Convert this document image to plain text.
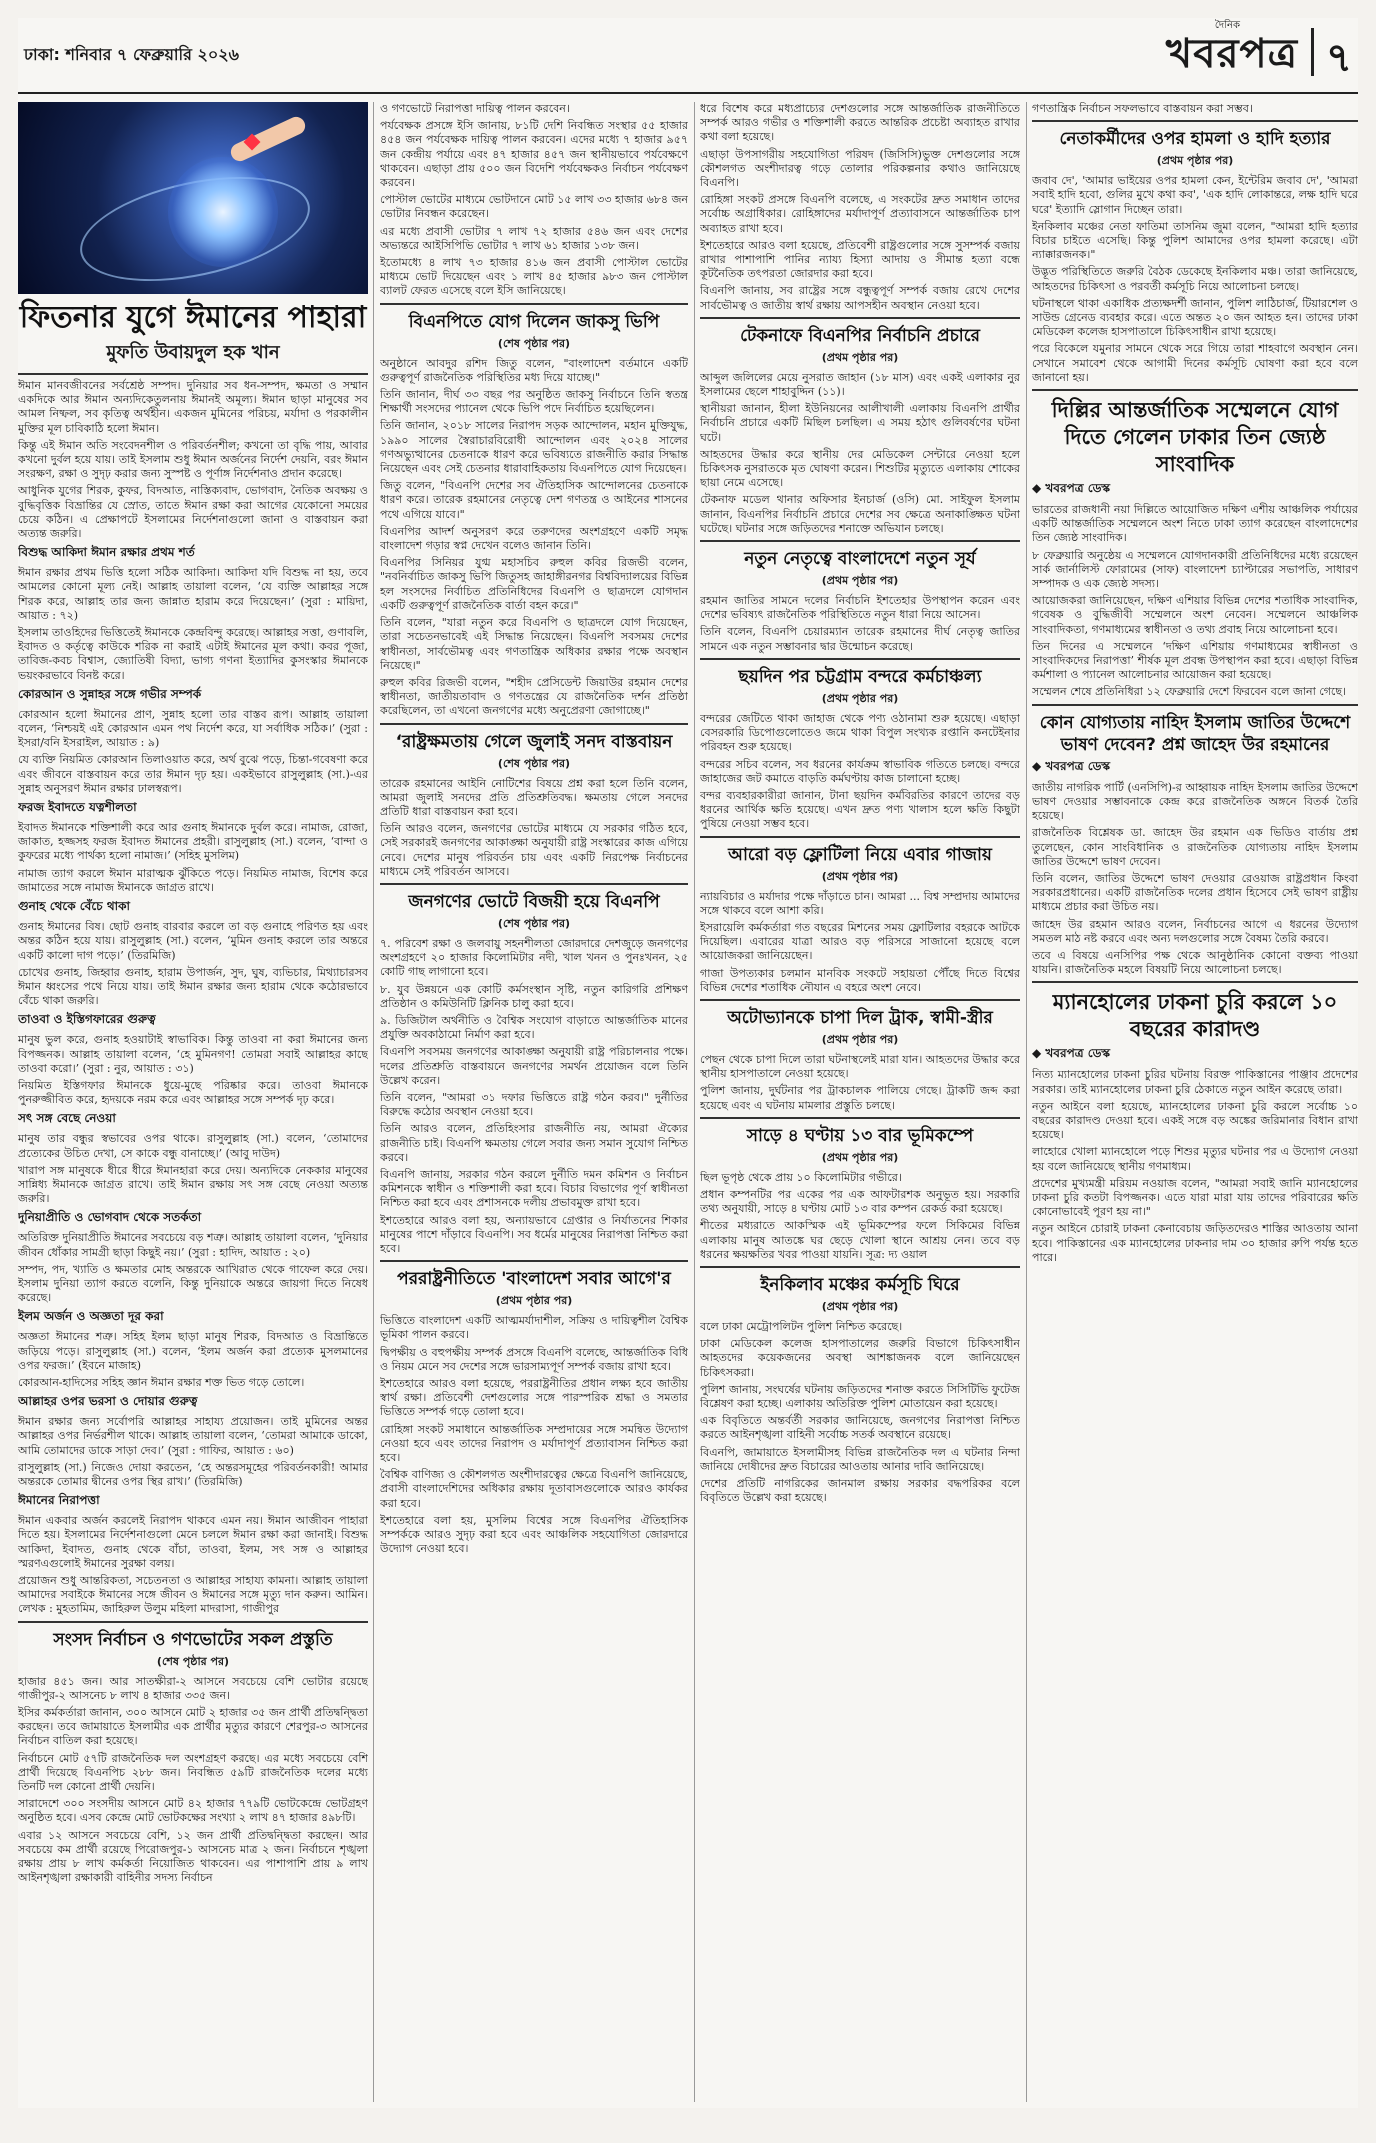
ঢাকা: শনিবার ৭ ফেব্রুয়ারি ২০২৬
দৈনিক
খবরপত্র ৭
ফিতনার যুগে ঈমানের পাহারা
মুফতি উবায়দুল হক খান

ঈমান মানবজীবনের সর্বশ্রেষ্ঠ সম্পদ। দুনিয়ার সব ধন-সম্পদ, ক্ষমতা ও সম্মান একদিকে আর ঈমান অন্যদিকেতুলনায় ঈমানই অমূল্য। ঈমান ছাড়া মানুষের সব আমল নিষ্ফল, সব কৃতিত্ব অর্থহীন। একজন মুমিনের পরিচয়, মর্যাদা ও পরকালীন মুক্তির মূল চাবিকাঠি হলো ঈমান।

কিন্তু এই ঈমান অতি সংবেদনশীল ও পরিবর্তনশীল; কখনো তা বৃদ্ধি পায়, আবার কখনো দুর্বল হয়ে যায়। তাই ইসলাম শুধু ঈমান অর্জনের নির্দেশ দেয়নি, বরং ঈমান সংরক্ষণ, রক্ষা ও সুদৃঢ় করার জন্য সুস্পষ্ট ও পূর্ণাঙ্গ নির্দেশনাও প্রদান করেছে।

আধুনিক যুগের শিরক, কুফর, বিদআত, নাস্তিক্যবাদ, ভোগবাদ, নৈতিক অবক্ষয় ও বুদ্ধিবৃত্তিক বিভ্রান্তির যে স্রোত, তাতে ঈমান রক্ষা করা আগের যেকোনো সময়ের চেয়ে কঠিন। এ প্রেক্ষাপটে ইসলামের নির্দেশনাগুলো জানা ও বাস্তবায়ন করা অত্যন্ত জরুরি।

বিশুদ্ধ আকিদা ঈমান রক্ষার প্রথম শর্ত

ঈমান রক্ষার প্রথম ভিত্তি হলো সঠিক আকিদা। আকিদা যদি বিশুদ্ধ না হয়, তবে আমলের কোনো মূল্য নেই। আল্লাহ তায়ালা বলেন, ‘যে ব্যক্তি আল্লাহর সঙ্গে শিরক করে, আল্লাহ তার জন্য জান্নাত হারাম করে দিয়েছেন।’ (সুরা : মায়িদা, আয়াত : ৭২)

ইসলাম তাওহিদের ভিত্তিতেই ঈমানকে কেন্দ্রবিন্দু করেছে। আল্লাহর সত্তা, গুণাবলি, ইবাদত ও কর্তৃত্বে কাউকে শরিক না করাই এটাই ঈমানের মূল কথা। কবর পূজা, তাবিজ-কবচ বিশ্বাস, জ্যোতিষী বিদ্যা, ভাগ্য গণনা ইত্যাদির কুসংস্কার ঈমানকে ভয়ংকরভাবে বিনষ্ট করে।

কোরআন ও সুন্নাহর সঙ্গে গভীর সম্পর্ক

কোরআন হলো ঈমানের প্রাণ, সুন্নাহ হলো তার বাস্তব রূপ। আল্লাহ তায়ালা বলেন, ‘নিশ্চয়ই এই কোরআন এমন পথ নির্দেশ করে, যা সর্বাধিক সঠিক।’ (সুরা : ইসরা/বনি ইসরাইল, আয়াত : ৯)

যে ব্যক্তি নিয়মিত কোরআন তিলাওয়াত করে, অর্থ বুঝে পড়ে, চিন্তা-গবেষণা করে এবং জীবনে বাস্তবায়ন করে তার ঈমান দৃঢ় হয়। একইভাবে রাসুলুল্লাহ (সা.)-এর সুন্নাহ অনুসরণ ঈমান রক্ষার ঢালস্বরূপ।

ফরজ ইবাদতে যত্নশীলতা

ইবাদত ঈমানকে শক্তিশালী করে আর গুনাহ ঈমানকে দুর্বল করে। নামাজ, রোজা, জাকাত, হজ্জসহ ফরজ ইবাদত ঈমানের প্রহরী। রাসুলুল্লাহ (সা.) বলেন, ‘বান্দা ও কুফরের মধ্যে পার্থক্য হলো নামাজ।’ (সহিহ মুসলিম)

নামাজ ত্যাগ করলে ঈমান মারাত্মক ঝুঁকিতে পড়ে। নিয়মিত নামাজ, বিশেষ করে জামাতের সঙ্গে নামাজ ঈমানকে জাগ্রত রাখে।

গুনাহ থেকে বেঁচে থাকা

গুনাহ ঈমানের বিষ। ছোট গুনাহ বারবার করলে তা বড় গুনাহে পরিণত হয় এবং অন্তর কঠিন হয়ে যায়। রাসুলুল্লাহ (সা.) বলেন, ‘মুমিন গুনাহ করলে তার অন্তরে একটি কালো দাগ পড়ে।’ (তিরমিজি)

চোখের গুনাহ, জিহ্বার গুনাহ, হারাম উপার্জন, সুদ, ঘুষ, ব্যভিচার, মিথ্যাচারসব ঈমান ধ্বংসের পথে নিয়ে যায়। তাই ঈমান রক্ষার জন্য হারাম থেকে কঠোরভাবে বেঁচে থাকা জরুরি।

তাওবা ও ইস্তিগফারের গুরুত্ব

মানুষ ভুল করে, গুনাহ হওয়াটাই স্বাভাবিক। কিন্তু তাওবা না করা ঈমানের জন্য বিপজ্জনক। আল্লাহ তায়ালা বলেন, ‘হে মুমিনগণ! তোমরা সবাই আল্লাহর কাছে তাওবা করো।’ (সুরা : নুর, আয়াত : ৩১)

নিয়মিত ইস্তিগফার ঈমানকে ধুয়ে-মুছে পরিষ্কার করে। তাওবা ঈমানকে পুনরুজ্জীবিত করে, হৃদয়কে নরম করে এবং আল্লাহর সঙ্গে সম্পর্ক দৃঢ় করে।

সৎ সঙ্গ বেছে নেওয়া

মানুষ তার বন্ধুর স্বভাবের ওপর থাকে। রাসুলুল্লাহ (সা.) বলেন, ‘তোমাদের প্রত্যেকের উচিত দেখা, সে কাকে বন্ধু বানাচ্ছে।’ (আবু দাউদ)

খারাপ সঙ্গ মানুষকে ধীরে ধীরে ঈমানহারা করে দেয়। অন্যদিকে নেককার মানুষের সান্নিধ্য ঈমানকে জাগ্রত রাখে। তাই ঈমান রক্ষায় সৎ সঙ্গ বেছে নেওয়া অত্যন্ত জরুরি।

দুনিয়াপ্রীতি ও ভোগবাদ থেকে সতর্কতা

অতিরিক্ত দুনিয়াপ্রীতি ঈমানের সবচেয়ে বড় শত্রু। আল্লাহ তায়ালা বলেন, ‘দুনিয়ার জীবন ধোঁকার সামগ্রী ছাড়া কিছুই নয়।’ (সুরা : হাদিদ, আয়াত : ২০)

সম্পদ, পদ, খ্যাতি ও ক্ষমতার মোহ অন্তরকে আখিরাত থেকে গাফেল করে দেয়। ইসলাম দুনিয়া ত্যাগ করতে বলেনি, কিন্তু দুনিয়াকে অন্তরে জায়গা দিতে নিষেধ করেছে।

ইলম অর্জন ও অজ্ঞতা দূর করা

অজ্ঞতা ঈমানের শত্রু। সহিহ ইলম ছাড়া মানুষ শিরক, বিদআত ও বিভ্রান্তিতে জড়িয়ে পড়ে। রাসুলুল্লাহ (সা.) বলেন, ‘ইলম অর্জন করা প্রত্যেক মুসলমানের ওপর ফরজ।’ (ইবনে মাজাহ)

কোরআন-হাদিসের সহিহ জ্ঞান ঈমান রক্ষার শক্ত ভিত গড়ে তোলে।

আল্লাহর ওপর ভরসা ও দোয়ার গুরুত্ব

ঈমান রক্ষার জন্য সর্বোপরি আল্লাহর সাহায্য প্রয়োজন। তাই মুমিনের অন্তর আল্লাহর ওপর নির্ভরশীল থাকে। আল্লাহ তায়ালা বলেন, ‘তোমরা আমাকে ডাকো, আমি তোমাদের ডাকে সাড়া দেব।’ (সুরা : গাফির, আয়াত : ৬০)

রাসুলুল্লাহ (সা.) নিজেও দোয়া করতেন, ‘হে অন্তরসমূহের পরিবর্তনকারী! আমার অন্তরকে তোমার দ্বীনের ওপর স্থির রাখ।’ (তিরমিজি)

ঈমানের নিরাপত্তা

ঈমান একবার অর্জন করলেই নিরাপদ থাকবে এমন নয়। ঈমান আজীবন পাহারা দিতে হয়। ইসলামের নির্দেশনাগুলো মেনে চললে ঈমান রক্ষা করা জানাই। বিশুদ্ধ আকিদা, ইবাদত, গুনাহ থেকে বাঁচা, তাওবা, ইলম, সৎ সঙ্গ ও আল্লাহর স্মরণএগুলোই ঈমানের সুরক্ষা বলয়।

প্রয়োজন শুধু আন্তরিকতা, সচেতনতা ও আল্লাহর সাহায্য কামনা। আল্লাহ তায়ালা আমাদের সবাইকে ঈমানের সঙ্গে জীবন ও ঈমানের সঙ্গে মৃত্যু দান করুন। আমিন। লেখক : মুহতামিম, জাহিরুল উলুম মহিলা মাদরাসা, গাজীপুর

সংসদ নির্বাচন ও গণভোটের সকল প্রস্তুতি
(শেষ পৃষ্ঠার পর)

হাজার ৪৫১ জন। আর সাতক্ষীরা-২ আসনে সবচেয়ে বেশি ভোটার রয়েছে গাজীপুর-২ আসনেচ ৮ লাখ ৪ হাজার ৩৩৫ জন।

ইসির কর্মকর্তারা জানান, ৩০০ আসনে মোট ২ হাজার ৩৫ জন প্রার্থী প্রতিদ্বন্দ্বিতা করছেন। তবে জামায়াতে ইসলামীর এক প্রার্থীর মৃত্যুর কারণে শেরপুর-৩ আসনের নির্বাচন বাতিল করা হয়েছে।

নির্বাচনে মোট ৫৭টি রাজনৈতিক দল অংশগ্রহণ করছে। এর মধ্যে সবচেয়ে বেশি প্রার্থী দিয়েছে বিএনপিচ ২৮৮ জন। নিবন্ধিত ৫৯টি রাজনৈতিক দলের মধ্যে তিনটি দল কোনো প্রার্থী দেয়নি।

সারাদেশে ৩০০ সংসদীয় আসনে মোট ৪২ হাজার ৭৭৯টি ভোটকেন্দ্রে ভোটগ্রহণ অনুষ্ঠিত হবে। এসব কেন্দ্রে মোট ভোটকক্ষের সংখ্যা ২ লাখ ৪৭ হাজার ৪৯৮টি।

এবার ১২ আসনে সবচেয়ে বেশি, ১২ জন প্রার্থী প্রতিদ্বন্দ্বিতা করছেন। আর সবচেয়ে কম প্রার্থী রয়েছে পিরোজপুর-১ আসনেচ মাত্র ২ জন। নির্বাচনে শৃঙ্খলা রক্ষায় প্রায় ৮ লাখ কর্মকর্তা নিয়োজিত থাকবেন। এর পাশাপাশি প্রায় ৯ লাখ আইনশৃঙ্খলা রক্ষাকারী বাহিনীর সদস্য নির্বাচন

ও গণভোটে নিরাপত্তা দায়িত্ব পালন করবেন।

পর্যবেক্ষক প্রসঙ্গে ইসি জানায়, ৮১টি দেশি নিবন্ধিত সংস্থার ৫৫ হাজার ৪৫৪ জন পর্যবেক্ষক দায়িত্ব পালন করবেন। এদের মধ্যে ৭ হাজার ৯৫৭ জন কেন্দ্রীয় পর্যায়ে এবং ৪৭ হাজার ৪৫৭ জন স্থানীয়ভাবে পর্যবেক্ষণে থাকবেন। এছাড়া প্রায় ৫০০ জন বিদেশি পর্যবেক্ষকও নির্বাচন পর্যবেক্ষণ করবেন।

পোস্টাল ভোটের মাধ্যমে ভোটদানে মোট ১৫ লাখ ৩৩ হাজার ৬৮৪ জন ভোটার নিবন্ধন করেছেন।

এর মধ্যে প্রবাসী ভোটার ৭ লাখ ৭২ হাজার ৫৪৬ জন এবং দেশের অভ্যন্তরে আইসিপিভি ভোটার ৭ লাখ ৬১ হাজার ১৩৮ জন।

ইতোমধ্যে ৪ লাখ ৭৩ হাজার ৪১৬ জন প্রবাসী পোস্টাল ভোটের মাধ্যমে ভোট দিয়েছেন এবং ১ লাখ ৪৫ হাজার ৯৮৩ জন পোস্টাল ব্যালট ফেরত এসেছে বলে ইসি জানিয়েছে।

বিএনপিতে যোগ দিলেন জাকসু ভিপি
(শেষ পৃষ্ঠার পর)

অনুষ্ঠানে আবদুর রশিদ জিতু বলেন, "বাংলাদেশ বর্তমানে একটি গুরুত্বপূর্ণ রাজনৈতিক পরিস্থিতির মধ্য দিয়ে যাচ্ছে।"

তিনি জানান, দীর্ঘ ৩৩ বছর পর অনুষ্ঠিত জাকসু নির্বাচনে তিনি স্বতন্ত্র শিক্ষার্থী সংসদের প্যানেল থেকে ভিপি পদে নির্বাচিত হয়েছিলেন।

তিনি জানান, ২০১৮ সালের নিরাপদ সড়ক আন্দোলন, মহান মুক্তিযুদ্ধ, ১৯৯০ সালের স্বৈরাচারবিরোধী আন্দোলন এবং ২০২৪ সালের গণঅভ্যুত্থানের চেতনাকে ধারণ করে ভবিষ্যতে রাজনীতি করার সিদ্ধান্ত নিয়েছেন এবং সেই চেতনার ধারাবাহিকতায় বিএনপিতে যোগ দিয়েছেন।

জিতু বলেন, "বিএনপি দেশের সব ঐতিহাসিক আন্দোলনের চেতনাকে ধারণ করে। তারেক রহমানের নেতৃত্বে দেশ গণতন্ত্র ও আইনের শাসনের পথে এগিয়ে যাবে।"

বিএনপির আদর্শ অনুসরণ করে তরুণদের অংশগ্রহণে একটি সমৃদ্ধ বাংলাদেশ গড়ার স্বপ্ন দেখেন বলেও জানান তিনি।

বিএনপির সিনিয়র যুগ্ম মহাসচিব রুহুল কবির রিজভী বলেন, "নবনির্বাচিত জাকসু ভিপি জিতুসহ জাহাঙ্গীরনগর বিশ্ববিদ্যালয়ের বিভিন্ন হল সংসদের নির্বাচিত প্রতিনিধিদের বিএনপি ও ছাত্রদলে যোগদান একটি গুরুত্বপূর্ণ রাজনৈতিক বার্তা বহন করে।"

তিনি বলেন, "যারা নতুন করে বিএনপি ও ছাত্রদলে যোগ দিয়েছেন, তারা সচেতনভাবেই এই সিদ্ধান্ত নিয়েছেন। বিএনপি সবসময় দেশের স্বাধীনতা, সার্বভৌমত্ব এবং গণতান্ত্রিক অধিকার রক্ষার পক্ষে অবস্থান নিয়েছে।"

রুহুল কবির রিজভী বলেন, "শহীদ প্রেসিডেন্ট জিয়াউর রহমান দেশের স্বাধীনতা, জাতীয়তাবাদ ও গণতন্ত্রের যে রাজনৈতিক দর্শন প্রতিষ্ঠা করেছিলেন, তা এখনো জনগণের মধ্যে অনুপ্রেরণা জোগাচ্ছে।"

‘রাষ্ট্রক্ষমতায় গেলে জুলাই সনদ বাস্তবায়ন
(শেষ পৃষ্ঠার পর)

তারেক রহমানের আইনি নোটিশের বিষয়ে প্রশ্ন করা হলে তিনি বলেন, আমরা জুলাই সনদের প্রতি প্রতিশ্রুতিবদ্ধ। ক্ষমতায় গেলে সনদের প্রতিটি ধারা বাস্তবায়ন করা হবে।

তিনি আরও বলেন, জনগণের ভোটের মাধ্যমে যে সরকার গঠিত হবে, সেই সরকারই জনগণের আকাঙ্ক্ষা অনুযায়ী রাষ্ট্র সংস্কারের কাজ এগিয়ে নেবে। দেশের মানুষ পরিবর্তন চায় এবং একটি নিরপেক্ষ নির্বাচনের মাধ্যমে সেই পরিবর্তন আসবে।

জনগণের ভোটে বিজয়ী হয়ে বিএনপি
(শেষ পৃষ্ঠার পর)

৭. পরিবেশ রক্ষা ও জলবায়ু সহনশীলতা জোরদারে দেশজুড়ে জনগণের অংশগ্রহণে ২০ হাজার কিলোমিটার নদী, খাল খনন ও পুনঃখনন, ২৫ কোটি গাছ লাগানো হবে।

৮. যুব উন্নয়নে এক কোটি কর্মসংস্থান সৃষ্টি, নতুন কারিগরি প্রশিক্ষণ প্রতিষ্ঠান ও কমিউনিটি ক্লিনিক চালু করা হবে।

৯. ডিজিটাল অর্থনীতি ও বৈশ্বিক সংযোগ বাড়াতে আন্তর্জাতিক মানের প্রযুক্তি অবকাঠামো নির্মাণ করা হবে।

বিএনপি সবসময় জনগণের আকাঙ্ক্ষা অনুযায়ী রাষ্ট্র পরিচালনার পক্ষে। দলের প্রতিশ্রুতি বাস্তবায়নে জনগণের সমর্থন প্রয়োজন বলে তিনি উল্লেখ করেন।

তিনি বলেন, "আমরা ৩১ দফার ভিত্তিতে রাষ্ট্র গঠন করব।" দুর্নীতির বিরুদ্ধে কঠোর অবস্থান নেওয়া হবে।

তিনি আরও বলেন, প্রতিহিংসার রাজনীতি নয়, আমরা ঐক্যের রাজনীতি চাই। বিএনপি ক্ষমতায় গেলে সবার জন্য সমান সুযোগ নিশ্চিত করবে।

বিএনপি জানায়, সরকার গঠন করলে দুর্নীতি দমন কমিশন ও নির্বাচন কমিশনকে স্বাধীন ও শক্তিশালী করা হবে। বিচার বিভাগের পূর্ণ স্বাধীনতা নিশ্চিত করা হবে এবং প্রশাসনকে দলীয় প্রভাবমুক্ত রাখা হবে।

ইশতেহারে আরও বলা হয়, অন্যায়ভাবে গ্রেপ্তার ও নির্যাতনের শিকার মানুষের পাশে দাঁড়াবে বিএনপি। সব ধর্মের মানুষের নিরাপত্তা নিশ্চিত করা হবে।

পররাষ্ট্রনীতিতে 'বাংলাদেশ সবার আগে'র
(প্রথম পৃষ্ঠার পর)

ভিত্তিতে বাংলাদেশ একটি আত্মমর্যাদাশীল, সক্রিয় ও দায়িত্বশীল বৈশ্বিক ভূমিকা পালন করবে।

দ্বিপক্ষীয় ও বহুপক্ষীয় সম্পর্ক প্রসঙ্গে বিএনপি বলেছে, আন্তর্জাতিক বিধি ও নিয়ম মেনে সব দেশের সঙ্গে ভারসাম্যপূর্ণ সম্পর্ক বজায় রাখা হবে।

ইশতেহারে আরও বলা হয়েছে, পররাষ্ট্রনীতির প্রধান লক্ষ্য হবে জাতীয় স্বার্থ রক্ষা। প্রতিবেশী দেশগুলোর সঙ্গে পারস্পরিক শ্রদ্ধা ও সমতার ভিত্তিতে সম্পর্ক গড়ে তোলা হবে।

রোহিঙ্গা সংকট সমাধানে আন্তর্জাতিক সম্প্রদায়ের সঙ্গে সমন্বিত উদ্যোগ নেওয়া হবে এবং তাদের নিরাপদ ও মর্যাদাপূর্ণ প্রত্যাবাসন নিশ্চিত করা হবে।

বৈশ্বিক বাণিজ্য ও কৌশলগত অংশীদারত্বের ক্ষেত্রে বিএনপি জানিয়েছে, প্রবাসী বাংলাদেশিদের অধিকার রক্ষায় দূতাবাসগুলোকে আরও কার্যকর করা হবে।

ইশতেহারে বলা হয়, মুসলিম বিশ্বের সঙ্গে বিএনপির ঐতিহাসিক সম্পর্ককে আরও সুদৃঢ় করা হবে এবং আঞ্চলিক সহযোগিতা জোরদারে উদ্যোগ নেওয়া হবে।

ধরে বিশেষ করে মধ্যপ্রাচ্যের দেশগুলোর সঙ্গে আন্তর্জাতিক রাজনীতিতে সম্পর্ক আরও গভীর ও শক্তিশালী করতে আন্তরিক প্রচেষ্টা অব্যাহত রাখার কথা বলা হয়েছে।

এছাড়া উপসাগরীয় সহযোগিতা পরিষদ (জিসিসি)ভুক্ত দেশগুলোর সঙ্গে কৌশলগত অংশীদারত্ব গড়ে তোলার পরিকল্পনার কথাও জানিয়েছে বিএনপি।

রোহিঙ্গা সংকট প্রসঙ্গে বিএনপি বলেছে, এ সংকটের দ্রুত সমাধান তাদের সর্বোচ্চ অগ্রাধিকার। রোহিঙ্গাদের মর্যাদাপূর্ণ প্রত্যাবাসনে আন্তর্জাতিক চাপ অব্যাহত রাখা হবে।

ইশতেহারে আরও বলা হয়েছে, প্রতিবেশী রাষ্ট্রগুলোর সঙ্গে সুসম্পর্ক বজায় রাখার পাশাপাশি পানির ন্যায্য হিস্যা আদায় ও সীমান্ত হত্যা বন্ধে কূটনৈতিক তৎপরতা জোরদার করা হবে।

বিএনপি জানায়, সব রাষ্ট্রের সঙ্গে বন্ধুত্বপূর্ণ সম্পর্ক বজায় রেখে দেশের সার্বভৌমত্ব ও জাতীয় স্বার্থ রক্ষায় আপসহীন অবস্থান নেওয়া হবে।

টেকনাফে বিএনপির নির্বাচনি প্রচারে
(প্রথম পৃষ্ঠার পর)

আব্দুল জলিলের মেয়ে নুসরাত জাহান (১৮ মাস) এবং একই এলাকার নুর ইসলামের ছেলে শাহাবুদ্দিন (১১)।

স্থানীয়রা জানান, হীলা ইউনিয়নের আলীখালী এলাকায় বিএনপি প্রার্থীর নির্বাচনি প্রচারে একটি মিছিল চলছিল। এ সময় হঠাৎ গুলিবর্ষণের ঘটনা ঘটে।

আহতদের উদ্ধার করে স্থানীয় দের মেডিকেল সেন্টারে নেওয়া হলে চিকিৎসক নুসরাতকে মৃত ঘোষণা করেন। শিশুটির মৃত্যুতে এলাকায় শোকের ছায়া নেমে এসেছে।

টেকনাফ মডেল থানার অফিসার ইনচার্জ (ওসি) মো. সাইফুল ইসলাম জানান, বিএনপির নির্বাচনি প্রচারে দেশের সব ক্ষেত্রে অনাকাঙ্ক্ষিত ঘটনা ঘটেছে। ঘটনার সঙ্গে জড়িতদের শনাক্তে অভিযান চলছে।

নতুন নেতৃত্বে বাংলাদেশে নতুন সূর্য
(প্রথম পৃষ্ঠার পর)

রহমান জাতির সামনে দলের নির্বাচনি ইশতেহার উপস্থাপন করেন এবং দেশের ভবিষ্যৎ রাজনৈতিক পরিস্থিতিতে নতুন ধারা নিয়ে আসেন।

তিনি বলেন, বিএনপি চেয়ারম্যান তারেক রহমানের দীর্ঘ নেতৃত্ব জাতির সামনে এক নতুন সম্ভাবনার দ্বার উন্মোচন করেছে।

ছয়দিন পর চট্টগ্রাম বন্দরে কর্মচাঞ্চল্য
(প্রথম পৃষ্ঠার পর)

বন্দরের জেটিতে থাকা জাহাজ থেকে পণ্য ওঠানামা শুরু হয়েছে। এছাড়া বেসরকারি ডিপোগুলোতেও জমে থাকা বিপুল সংখ্যক রপ্তানি কনটেইনার পরিবহন শুরু হয়েছে।

বন্দরের সচিব বলেন, সব ধরনের কার্যক্রম স্বাভাবিক গতিতে চলছে। বন্দরে জাহাজের জট কমাতে বাড়তি কর্মঘণ্টায় কাজ চালানো হচ্ছে।

বন্দর ব্যবহারকারীরা জানান, টানা ছয়দিন কর্মবিরতির কারণে তাদের বড় ধরনের আর্থিক ক্ষতি হয়েছে। এখন দ্রুত পণ্য খালাস হলে ক্ষতি কিছুটা পুষিয়ে নেওয়া সম্ভব হবে।

আরো বড় ফ্লোটিলা নিয়ে এবার গাজায়
(প্রথম পৃষ্ঠার পর)

ন্যায়বিচার ও মর্যাদার পক্ষে দাঁড়াতে চান। আমরা ... বিশ্ব সম্প্রদায় আমাদের সঙ্গে থাকবে বলে আশা করি।

ইসরায়েলি কর্মকর্তারা গত বছরের মিশনের সময় ফ্লোটিলার বহরকে আটকে দিয়েছিল। এবারের যাত্রা আরও বড় পরিসরে সাজানো হয়েছে বলে আয়োজকরা জানিয়েছেন।

গাজা উপত্যকার চলমান মানবিক সংকটে সহায়তা পৌঁছে দিতে বিশ্বের বিভিন্ন দেশের শতাধিক নৌযান এ বহরে অংশ নেবে।

অটোভ্যানকে চাপা দিল ট্রাক, স্বামী-স্ত্রীর
(প্রথম পৃষ্ঠার পর)

পেছন থেকে চাপা দিলে তারা ঘটনাস্থলেই মারা যান। আহতদের উদ্ধার করে স্থানীয় হাসপাতালে নেওয়া হয়েছে।

পুলিশ জানায়, দুর্ঘটনার পর ট্রাকচালক পালিয়ে গেছে। ট্রাকটি জব্দ করা হয়েছে এবং এ ঘটনায় মামলার প্রস্তুতি চলছে।

সাড়ে ৪ ঘণ্টায় ১৩ বার ভূমিকম্পে
(প্রথম পৃষ্ঠার পর)

ছিল ভূপৃষ্ঠ থেকে প্রায় ১০ কিলোমিটার গভীরে।

প্রধান কম্পনটির পর একের পর এক আফটারশক অনুভূত হয়। সরকারি তথ্য অনুযায়ী, সাড়ে ৪ ঘণ্টায় মোট ১৩ বার কম্পন রেকর্ড করা হয়েছে।

শীতের মধ্যরাতে আকস্মিক এই ভূমিকম্পের ফলে সিকিমের বিভিন্ন এলাকায় মানুষ আতঙ্কে ঘর ছেড়ে খোলা স্থানে আশ্রয় নেন। তবে বড় ধরনের ক্ষয়ক্ষতির খবর পাওয়া যায়নি। সূত্র: দ্য ওয়াল

ইনকিলাব মঞ্চের কর্মসূচি ঘিরে
(প্রথম পৃষ্ঠার পর)

বলে ঢাকা মেট্রোপলিটন পুলিশ নিশ্চিত করেছে।

ঢাকা মেডিকেল কলেজ হাসপাতালের জরুরি বিভাগে চিকিৎসাধীন আহতদের কয়েকজনের অবস্থা আশঙ্কাজনক বলে জানিয়েছেন চিকিৎসকরা।

পুলিশ জানায়, সংঘর্ষের ঘটনায় জড়িতদের শনাক্ত করতে সিসিটিভি ফুটেজ বিশ্লেষণ করা হচ্ছে। এলাকায় অতিরিক্ত পুলিশ মোতায়েন করা হয়েছে।

এক বিবৃতিতে অন্তর্বর্তী সরকার জানিয়েছে, জনগণের নিরাপত্তা নিশ্চিত করতে আইনশৃঙ্খলা বাহিনী সর্বোচ্চ সতর্ক অবস্থানে রয়েছে।

বিএনপি, জামায়াতে ইসলামীসহ বিভিন্ন রাজনৈতিক দল এ ঘটনার নিন্দা জানিয়ে দোষীদের দ্রুত বিচারের আওতায় আনার দাবি জানিয়েছে।

দেশের প্রতিটি নাগরিকের জানমাল রক্ষায় সরকার বদ্ধপরিকর বলে বিবৃতিতে উল্লেখ করা হয়েছে।

গণতান্ত্রিক নির্বাচন সফলভাবে বাস্তবায়ন করা সম্ভব।

নেতাকর্মীদের ওপর হামলা ও হাদি হত্যার
(প্রথম পৃষ্ঠার পর)

জবাব দে', 'আমার ভাইয়ের ওপর হামলা কেন, ইন্টেরিম জবাব দে', 'আমরা সবাই হাদি হবো, গুলির মুখে কথা কব', 'এক হাদি লোকান্তরে, লক্ষ হাদি ঘরে ঘরে' ইত্যাদি স্লোগান দিচ্ছেন তারা।

ইনকিলাব মঞ্চের নেতা ফাতিমা তাসনিম জুমা বলেন, "আমরা হাদি হত্যার বিচার চাইতে এসেছি। কিন্তু পুলিশ আমাদের ওপর হামলা করেছে। এটা ন্যাক্কারজনক।"

উদ্ভূত পরিস্থিতিতে জরুরি বৈঠক ডেকেছে ইনকিলাব মঞ্চ। তারা জানিয়েছে, আহতদের চিকিৎসা ও পরবর্তী কর্মসূচি নিয়ে আলোচনা চলছে।

ঘটনাস্থলে থাকা একাধিক প্রত্যক্ষদর্শী জানান, পুলিশ লাঠিচার্জ, টিয়ারশেল ও সাউন্ড গ্রেনেড ব্যবহার করে। এতে অন্তত ২০ জন আহত হন। তাদের ঢাকা মেডিকেল কলেজ হাসপাতালে চিকিৎসাধীন রাখা হয়েছে।

পরে বিকেলে যমুনার সামনে থেকে সরে গিয়ে তারা শাহবাগে অবস্থান নেন। সেখানে সমাবেশ থেকে আগামী দিনের কর্মসূচি ঘোষণা করা হবে বলে জানানো হয়।

দিল্লির আন্তর্জাতিক সম্মেলনে যোগ দিতে গেলেন ঢাকার তিন জ্যেষ্ঠ সাংবাদিক
◆ খবরপত্র ডেস্ক

ভারতের রাজধানী নয়া দিল্লিতে আয়োজিত দক্ষিণ এশীয় আঞ্চলিক পর্যায়ের একটি আন্তর্জাতিক সম্মেলনে অংশ নিতে ঢাকা ত্যাগ করেছেন বাংলাদেশের তিন জ্যেষ্ঠ সাংবাদিক।

৮ ফেব্রুয়ারি অনুষ্ঠেয় এ সম্মেলনে যোগদানকারী প্রতিনিধিদের মধ্যে রয়েছেন সার্ক জার্নালিস্ট ফোরামের (সাফ) বাংলাদেশ চ্যাপ্টারের সভাপতি, সাধারণ সম্পাদক ও এক জ্যেষ্ঠ সদস্য।

আয়োজকরা জানিয়েছেন, দক্ষিণ এশিয়ার বিভিন্ন দেশের শতাধিক সাংবাদিক, গবেষক ও বুদ্ধিজীবী সম্মেলনে অংশ নেবেন। সম্মেলনে আঞ্চলিক সাংবাদিকতা, গণমাধ্যমের স্বাধীনতা ও তথ্য প্রবাহ নিয়ে আলোচনা হবে।

তিন দিনের এ সম্মেলনে ‘দক্ষিণ এশিয়ায় গণমাধ্যমের স্বাধীনতা ও সাংবাদিকদের নিরাপত্তা’ শীর্ষক মূল প্রবন্ধ উপস্থাপন করা হবে। এছাড়া বিভিন্ন কর্মশালা ও প্যানেল আলোচনার আয়োজন করা হয়েছে।

সম্মেলন শেষে প্রতিনিধিরা ১২ ফেব্রুয়ারি দেশে ফিরবেন বলে জানা গেছে।

কোন যোগ্যতায় নাহিদ ইসলাম জাতির উদ্দেশে ভাষণ দেবেন? প্রশ্ন জাহেদ উর রহমানের
◆ খবরপত্র ডেস্ক

জাতীয় নাগরিক পার্টি (এনসিপি)-র আহ্বায়ক নাহিদ ইসলাম জাতির উদ্দেশে ভাষণ দেওয়ার সম্ভাবনাকে কেন্দ্র করে রাজনৈতিক অঙ্গনে বিতর্ক তৈরি হয়েছে।

রাজনৈতিক বিশ্লেষক ডা. জাহেদ উর রহমান এক ভিডিও বার্তায় প্রশ্ন তুলেছেন, কোন সাংবিধানিক ও রাজনৈতিক যোগ্যতায় নাহিদ ইসলাম জাতির উদ্দেশে ভাষণ দেবেন।

তিনি বলেন, জাতির উদ্দেশে ভাষণ দেওয়ার রেওয়াজ রাষ্ট্রপ্রধান কিংবা সরকারপ্রধানের। একটি রাজনৈতিক দলের প্রধান হিসেবে সেই ভাষণ রাষ্ট্রীয় মাধ্যমে প্রচার করা উচিত নয়।

জাহেদ উর রহমান আরও বলেন, নির্বাচনের আগে এ ধরনের উদ্যোগ সমতল মাঠ নষ্ট করবে এবং অন্য দলগুলোর সঙ্গে বৈষম্য তৈরি করবে।

তবে এ বিষয়ে এনসিপির পক্ষ থেকে আনুষ্ঠানিক কোনো বক্তব্য পাওয়া যায়নি। রাজনৈতিক মহলে বিষয়টি নিয়ে আলোচনা চলছে।

ম্যানহোলের ঢাকনা চুরি করলে ১০ বছরের কারাদণ্ড
◆ খবরপত্র ডেস্ক

নিত্য ম্যানহোলের ঢাকনা চুরির ঘটনায় বিরক্ত পাকিস্তানের পাঞ্জাব প্রদেশের সরকার। তাই ম্যানহোলের ঢাকনা চুরি ঠেকাতে নতুন আইন করেছে তারা।

নতুন আইনে বলা হয়েছে, ম্যানহোলের ঢাকনা চুরি করলে সর্বোচ্চ ১০ বছরের কারাদণ্ড দেওয়া হবে। একই সঙ্গে বড় অঙ্কের জরিমানার বিধান রাখা হয়েছে।

লাহোরে খোলা ম্যানহোলে পড়ে শিশুর মৃত্যুর ঘটনার পর এ উদ্যোগ নেওয়া হয় বলে জানিয়েছে স্থানীয় গণমাধ্যম।

প্রদেশের মুখ্যমন্ত্রী মরিয়ম নওয়াজ বলেন, "আমরা সবাই জানি ম্যানহোলের ঢাকনা চুরি কতটা বিপজ্জনক। এতে যারা মারা যায় তাদের পরিবারের ক্ষতি কোনোভাবেই পূরণ হয় না।"

নতুন আইনে চোরাই ঢাকনা কেনাবেচায় জড়িতদেরও শাস্তির আওতায় আনা হবে। পাকিস্তানের এক ম্যানহোলের ঢাকনার দাম ৩০ হাজার রুপি পর্যন্ত হতে পারে।
